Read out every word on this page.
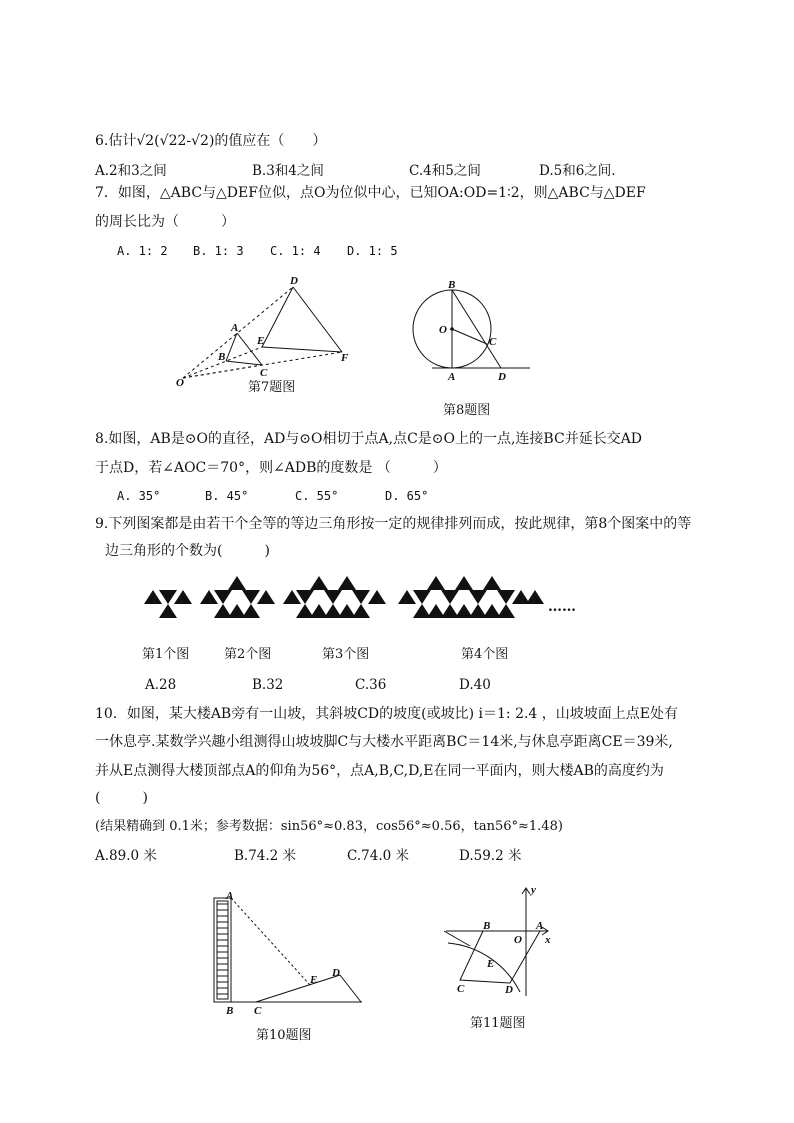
6.估计√2(√22-√2)的值应在（　　）
A.2和3之间	B.3和4之间	C.4和5之间	D.5和6之间.
7．如图，△ABC与△DEF位似，点O为位似中心，已知OA:OD=1∶2，则△ABC与△DEF
的周长比为（　　　）
A. 1: 2 B. 1: 3 C. 1: 4 D. 1: 5
D
A
E
B
C
F
O	第7题图
B
O
C
A	D
第8题图
8.如图，AB是⊙O的直径，AD与⊙O相切于点A,点C是⊙O上的一点,连接BC并延长交AD
于点D，若∠AOC＝70°，则∠ADB的度数是 （　　　）
A. 35°	B. 45°	C. 55°	D. 65°
9.下列图案都是由若干个全等的等边三角形按一定的规律排列而成，按此规律，第8个图案中的等
边三角形的个数为(　　　)
……
第1个图	第2个图	第3个图	第4个图
A.28	B.32	C.36	D.40
10．如图，某大楼AB旁有一山坡，其斜坡CD的坡度(或坡比) i＝1: 2.4 ，山坡坡面上点E处有
一休息亭.某数学兴趣小组测得山坡坡脚C与大楼水平距离BC＝14米,与休息亭距离CE＝39米,
并从E点测得大楼顶部点A的仰角为56°，点A,B,C,D,E在同一平面内，则大楼AB的高度约为
(　　　)
(结果精确到 0.1米；参考数据：sin56°≈0.83，cos56°≈0.56，tan56°≈1.48)
A.89.0 米	B.74.2 米	C.74.0 米	D.59.2 米
A
E
D
B C
第10题图
y
B
O
A
x
E
C	D
第11题图
